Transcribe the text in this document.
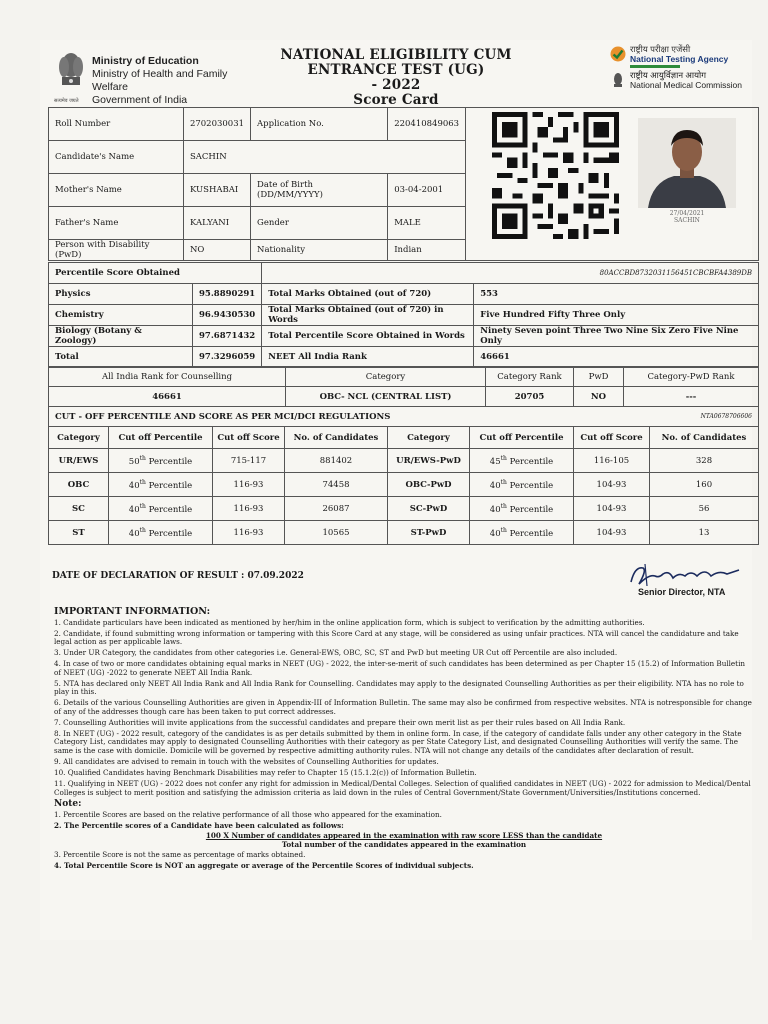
Ministry of Education
Ministry of Health and Family Welfare
Government of India
सत्यमेव जयते
NATIONAL ELIGIBILITY CUM ENTRANCE TEST (UG)
- 2022
Score Card
राष्ट्रीय परीक्षा एजेंसी
National Testing Agency
राष्ट्रीय आयुर्विज्ञान आयोग
National Medical Commission
Roll Number	2702030031	Application No.	220410849063	
Candidate's Name	SACHIN			
Mother's Name	KUSHABAI	Date of Birth (DD/MM/YYYY)	03-04-2001	
Father's Name	KALYANI	Gender	MALE	
Person with Disability (PwD)	NO	Nationality	Indian	
27/04/2021
SACHIN
Percentile Score Obtained		80ACCBD8732031156451CBCBFA4389DB	
Physics	95.8890291	Total Marks Obtained (out of 720)	553
Chemistry	96.9430530	Total Marks Obtained (out of 720) in Words	Five Hundred Fifty Three Only
Biology (Botany & Zoology)	97.6871432	Total Percentile Score Obtained in Words	Ninety Seven point Three Two Nine Six Zero Five Nine Only
Total	97.3296059	NEET All India Rank	46661
All India Rank for Counselling	Category	Category Rank	PwD	Category-PwD Rank
46661	OBC- NCL (CENTRAL LIST)	20705	NO	---
CUT - OFF PERCENTILE AND SCORE AS PER MCI/DCI REGULATIONS	NTA0678706606
Category	Cut off Percentile	Cut off Score	No. of Candidates	Category	Cut off Percentile	Cut off Score	No. of Candidates
UR/EWS	50th Percentile	715-117	881402	UR/EWS-PwD	45th Percentile	116-105	328
OBC	40th Percentile	116-93	74458	OBC-PwD	40th Percentile	104-93	160
SC	40th Percentile	116-93	26087	SC-PwD	40th Percentile	104-93	56
ST	40th Percentile	116-93	10565	ST-PwD	40th Percentile	104-93	13
DATE OF DECLARATION OF RESULT : 07.09.2022
Senior Director, NTA
IMPORTANT INFORMATION:
1. Candidate particulars have been indicated as mentioned by her/him in the online application form, which is subject to verification by the admitting authorities.
2. Candidate, if found submitting wrong information or tampering with this Score Card at any stage, will be considered as using unfair practices. NTA will cancel the candidature and take legal action as per applicable laws.
3. Under UR Category, the candidates from other categories i.e. General-EWS, OBC, SC, ST and PwD but meeting UR Cut off Percentile are also included.
4. In case of two or more candidates obtaining equal marks in NEET (UG) - 2022, the inter-se-merit of such candidates has been determined as per Chapter 15 (15.2) of Information Bulletin of NEET (UG) -2022 to generate NEET All India Rank.
5. NTA has declared only NEET All India Rank and All India Rank for Counselling. Candidates may apply to the designated Counselling Authorities as per their eligibility. NTA has no role to play in this.
6. Details of the various Counselling Authorities are given in Appendix-III of Information Bulletin. The same may also be confirmed from respective websites. NTA is notresponsible for change of any of the addresses though care has been taken to put correct addresses.
7. Counselling Authorities will invite applications from the successful candidates and prepare their own merit list as per their rules based on All India Rank.
8. In NEET (UG) - 2022 result, category of the candidates is as per details submitted by them in online form. In case, if the category of candidate falls under any other category in the State Category List, candidates may apply to designated Counselling Authorities with their category as per State Category List, and designated Counselling Authorities will verify the same. The same is the case with domicile. Domicile will be governed by respective admitting authority rules. NTA will not change any details of the candidates after declaration of result.
9. All candidates are advised to remain in touch with the websites of Counselling Authorities for updates.
10. Qualified Candidates having Benchmark Disabilities may refer to Chapter 15 (15.1.2(c)) of Information Bulletin.
11. Qualifying in NEET (UG) - 2022 does not confer any right for admission in Medical/Dental Colleges. Selection of qualified candidates in NEET (UG) - 2022 for admission to Medical/Dental Colleges is subject to merit position and satisfying the admission criteria as laid down in the rules of Central Government/State Government/Universities/Institutions concerned.
Note:
1. Percentile Scores are based on the relative performance of all those who appeared for the examination.
2. The Percentile scores of a Candidate have been calculated as follows:
100 X Number of candidates appeared in the examination with raw score LESS than the candidate
Total number of the candidates appeared in the examination
3. Percentile Score is not the same as percentage of marks obtained.
4. Total Percentile Score is NOT an aggregate or average of the Percentile Scores of individual subjects.
